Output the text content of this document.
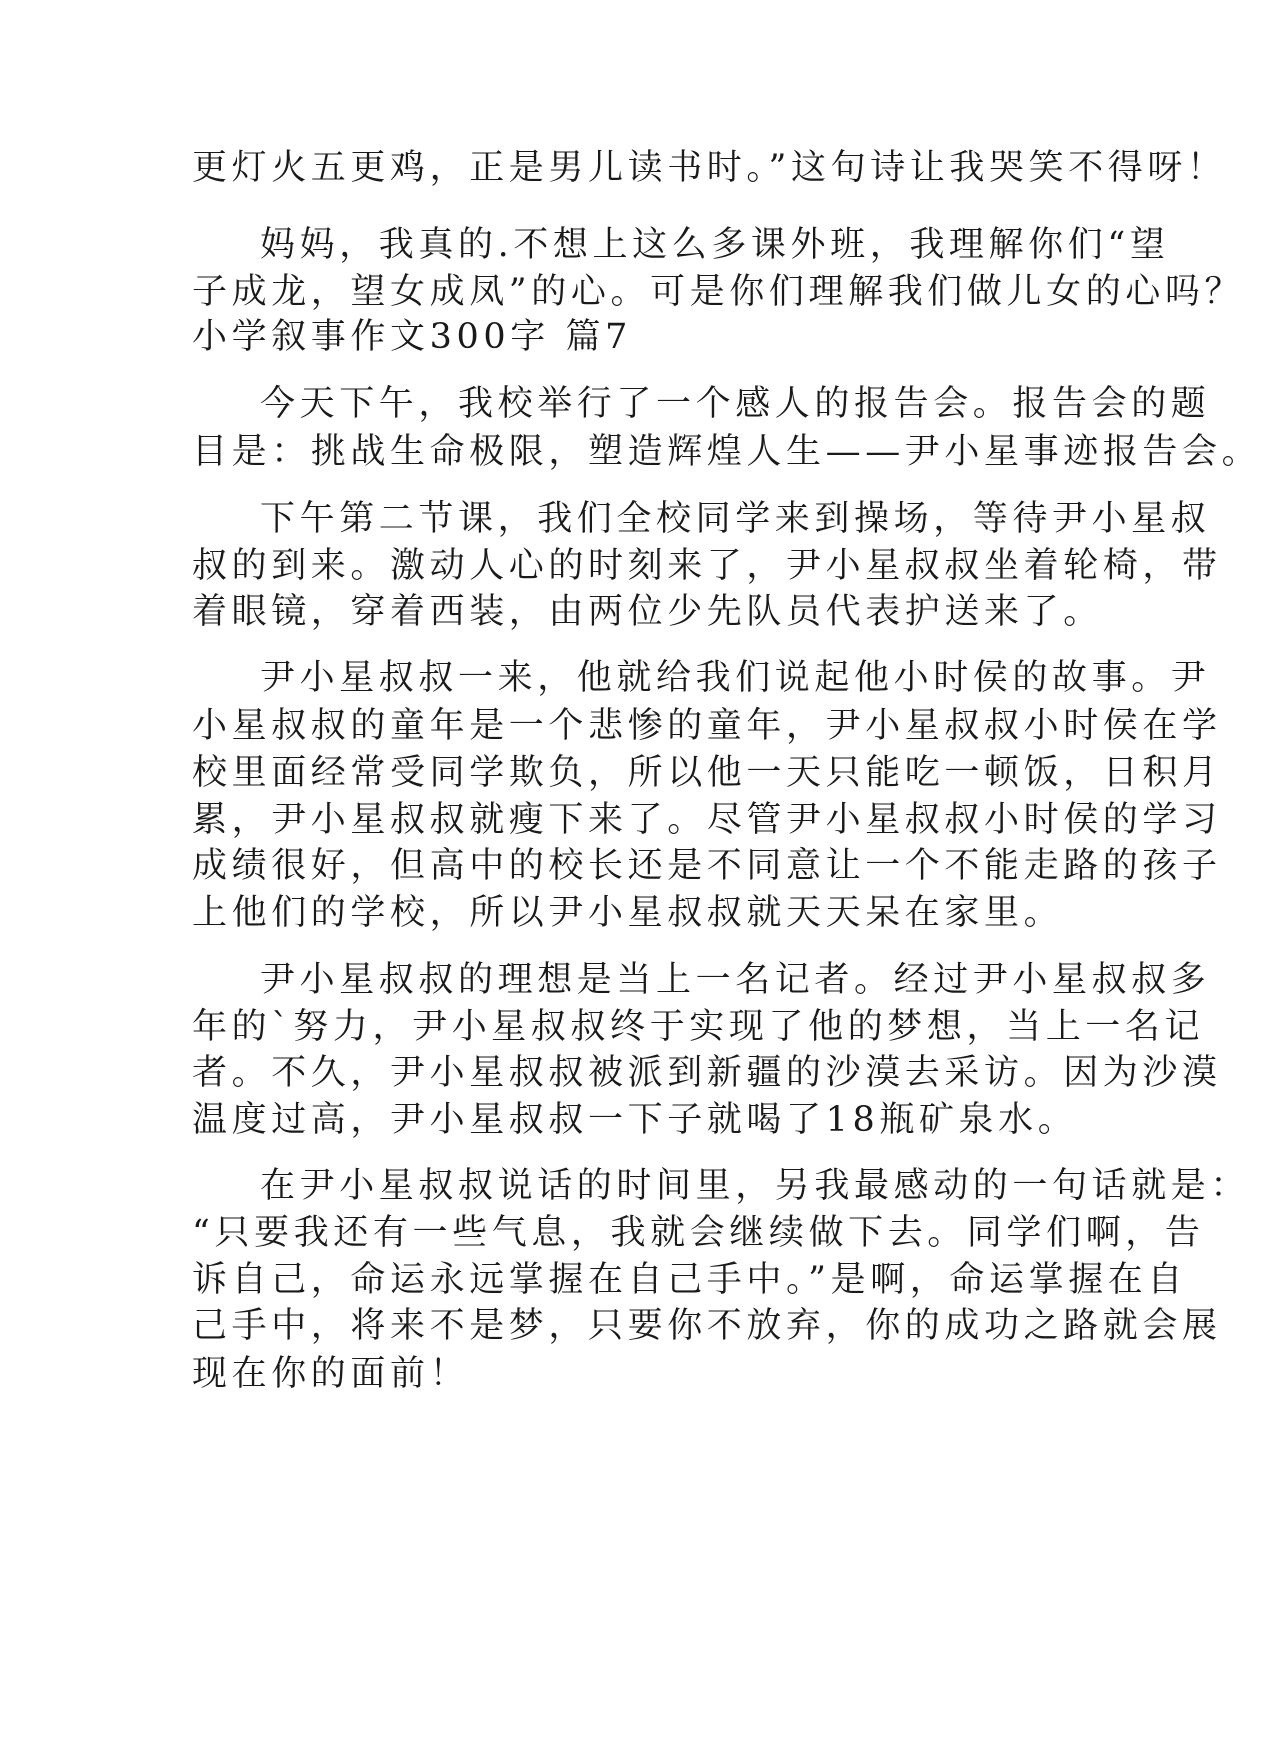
更灯火五更鸡，正是男儿读书时。”这句诗让我哭笑不得呀！
妈妈，我真的.不想上这么多课外班，我理解你们“望
子成龙，望女成凤”的心。可是你们理解我们做儿女的心吗？
小学叙事作文300字 篇7
今天下午，我校举行了一个感人的报告会。报告会的题
目是：挑战生命极限，塑造辉煌人生——尹小星事迹报告会。
下午第二节课，我们全校同学来到操场，等待尹小星叔
叔的到来。激动人心的时刻来了，尹小星叔叔坐着轮椅，带
着眼镜，穿着西装，由两位少先队员代表护送来了。
尹小星叔叔一来，他就给我们说起他小时侯的故事。尹
小星叔叔的童年是一个悲惨的童年，尹小星叔叔小时侯在学
校里面经常受同学欺负，所以他一天只能吃一顿饭，日积月
累，尹小星叔叔就瘦下来了。尽管尹小星叔叔小时侯的学习
成绩很好，但高中的校长还是不同意让一个不能走路的孩子
上他们的学校，所以尹小星叔叔就天天呆在家里。
尹小星叔叔的理想是当上一名记者。经过尹小星叔叔多
年的`努力，尹小星叔叔终于实现了他的梦想，当上一名记
者。不久，尹小星叔叔被派到新疆的沙漠去采访。因为沙漠
温度过高，尹小星叔叔一下子就喝了18瓶矿泉水。
在尹小星叔叔说话的时间里，另我最感动的一句话就是：
“只要我还有一些气息，我就会继续做下去。同学们啊，告
诉自己，命运永远掌握在自己手中。”是啊，命运掌握在自
己手中，将来不是梦，只要你不放弃，你的成功之路就会展
现在你的面前！
